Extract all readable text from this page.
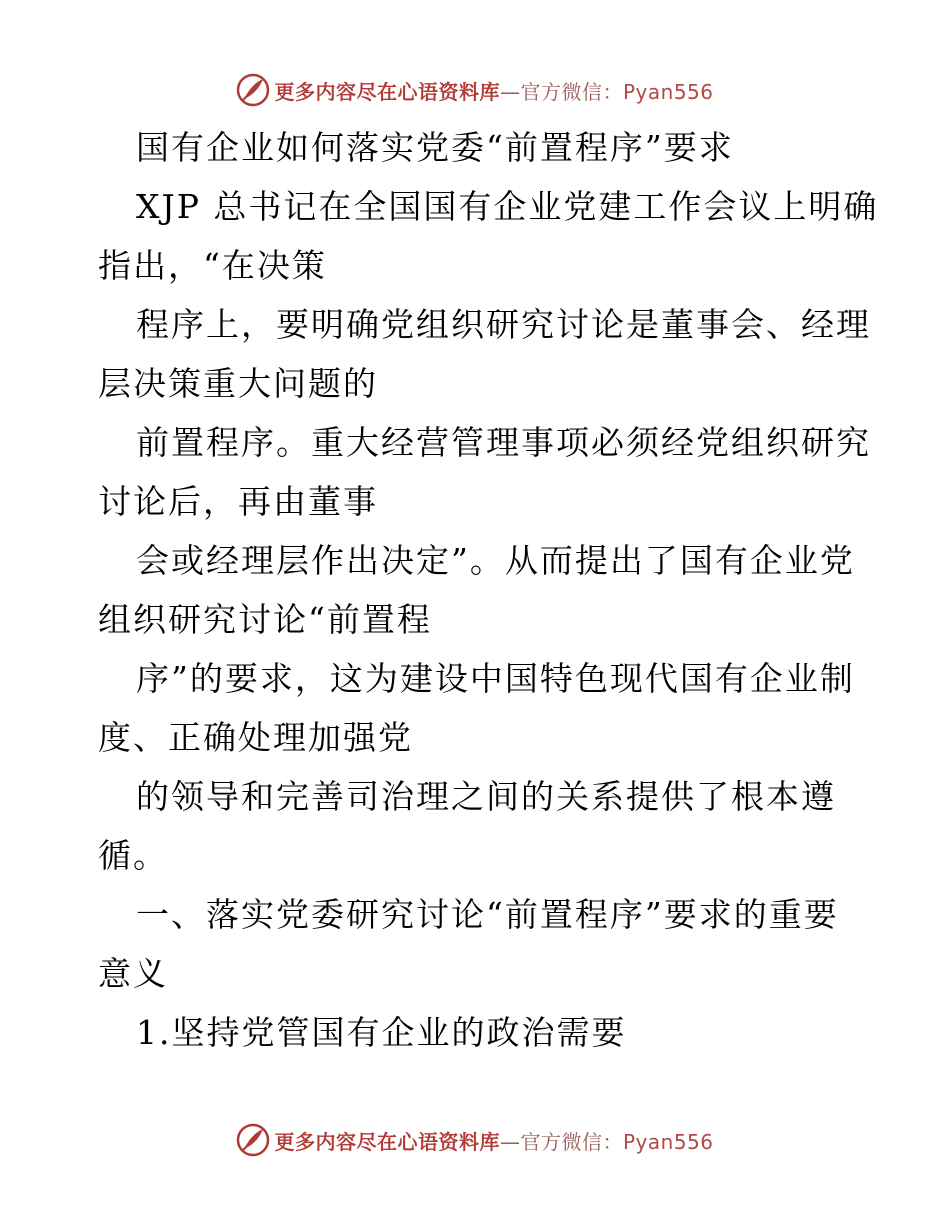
更多内容尽在心语资料库—官方微信：Pyan556
国有企业如何落实党委“前置程序”要求
XJP 总书记在全国国有企业党建工作会议上明确
指出，“在决策
程序上，要明确党组织研究讨论是董事会、经理
层决策重大问题的
前置程序。重大经营管理事项必须经党组织研究
讨论后，再由董事
会或经理层作出决定”。从而提出了国有企业党
组织研究讨论“前置程
序”的要求，这为建设中国特色现代国有企业制
度、正确处理加强党
的领导和完善司治理之间的关系提供了根本遵
循。
一、落实党委研究讨论“前置程序”要求的重要
意义
1.坚持党管国有企业的政治需要
更多内容尽在心语资料库—官方微信：Pyan556
